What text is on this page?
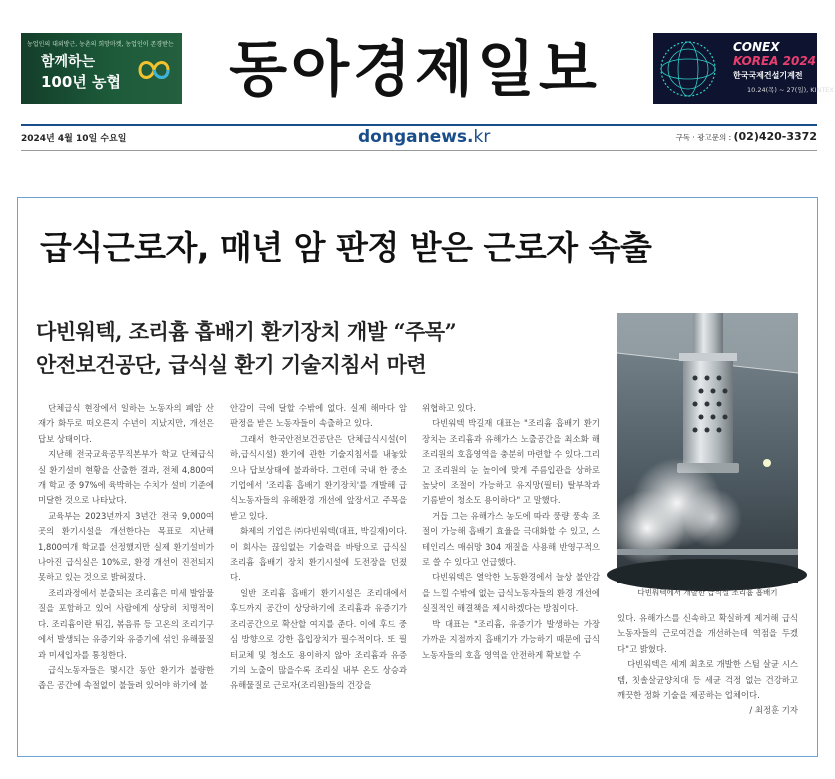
농업인의 대외방근, 농촌의 희망마켓, 농업인이 존경받는
함께하는
100년 농협	동아경제일보	CONEX
KOREA 2024
한국국제건설기계전
10.24(목) ~ 27(일), KINTEX
2024년 4월 10일 수요일	donganews.kr	구독 · 광고문의 : (02)420-3372
급식근로자, 매년 암 판정 받은 근로자 속출
다빈워텍, 조리흄 흡배기 환기장치 개발 “주목”
안전보건공단, 급식실 환기 기술지침서 마련
다빈워텍에서 개발한 급식실 조리흄 흡배기

단체급식 현장에서 일하는 노동자의 폐암 산재가 화두로 떠오른지 수년이 지났지만, 개선은 답보 상태이다.

지난해 전국교육공무직본부가 학교 단체급식실 환기설비 현황을 산출한 결과, 전체 4,800여개 학교 중 97%에 육박하는 수치가 설비 기준에 미달한 것으로 나타났다.

교육부는 2023년까지 3년간 전국 9,000여곳의 환기시설을 개선한다는 목표로 지난해 1,800여개 학교를 선정했지만 실제 환기설비가 나아진 급식실은 10%로, 환경 개선이 진전되지 못하고 있는 것으로 밝혀졌다.

조리과정에서 분출되는 조리흄은 미세 발암물질을 포함하고 있어 사람에게 상당히 치명적이다. 조리흄이란 튀김, 볶음류 등 고온의 조리기구에서 발생되는 유증기와 유증기에 섞인 유해물질과 미세입자를 통칭한다.

급식노동자들은 몇시간 동안 환기가 불량한 좁은 공간에 속절없이 불들려 있어야 하기에 불

안감이 극에 달할 수밖에 없다. 실제 해마다 암 판정을 받은 노동자들이 속출하고 있다.

그래서 한국안전보건공단은 단체급식시설(이하,급식시설) 환기에 관한 기술지침서를 내놓았으나 답보상태에 불과하다. 그런데 국내 한 중소기업에서 '조리흄 흡배기 환기장치'를 개발해 급식노동자들의 유해환경 개선에 앞장서고 주목을 받고 있다.

화제의 기업은 ㈜다빈워텍(대표, 박길재)이다. 이 회사는 끊임없는 기술력을 바탕으로 급식실 조리흄 흡배기 장치 환기시설에 도전장을 던졌다.

일반 조리흄 흡배기 환기시설은 조리대에서 후드까지 공간이 상당하기에 조리흄과 유증기가 조리공간으로 확산할 여지를 준다. 이에 후드 중심 방향으로 강한 흡입장치가 필수적이다. 또 필터교체 및 청소도 용이하지 않아 조리흄과 유증기의 노출이 많을수록 조리실 내부 온도 상승과 유해물질로 근로자(조리원)들의 건강을

위협하고 있다.

다빈워텍 박길재 대표는 "조리흄 흡배기 환기장치는 조리흄과 유해가스 노출공간을 최소화 해 조리원의 호흡영역을 충분히 마련할 수 있다.그리고 조리원의 눈 높이에 맞게 주름입관을 상하로 높낮이 조절이 가능하고 유지망(필터) 탈부착과 기름받이 청소도 용이하다" 고 말했다.

거듭 그는 유해가스 농도에 따라 풍량 풍속 조절이 가능해 흡배기 효율을 극대화할 수 있고, 스테인리스 매쉬망 304 재질을 사용해 반영구적으로 쓸 수 있다고 언급했다.

다빈워텍은 열악한 노동환경에서 늘상 불안감을 느낄 수밖에 없는 급식노동자들의 환경 개선에 실질적인 해결책을 제시하겠다는 방침이다.

박 대표는 "조리흄, 유증기가 발생하는 가장 가까운 지점까지 흡배기가 가능하기 때문에 급식 노동자들의 호흡 영역을 안전하게 확보할 수

있다. 유해가스를 신속하고 확실하게 제거해 급식노동자들의 근로여건을 개선하는데 역점을 두겠다"고 밝혔다.

다빈워텍은 세계 최초로 개발한 스팀 살균 시스템, 칫솔살균양치대 등 세균 걱정 없는 건강하고 깨끗한 정화 기술을 제공하는 업체이다.

/ 최정훈 기자
